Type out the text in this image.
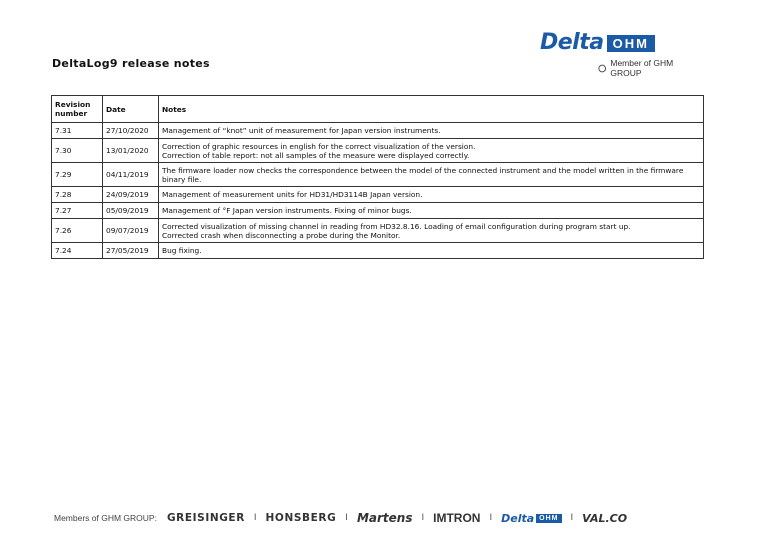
DeltaLog9 release notes
Delta OHM
Member of GHM GROUP
Revision number	Date	Notes
7.31	27/10/2020	Management of “knot” unit of measurement for Japan version instruments.

7.30	13/01/2020	Correction of graphic resources in english for the correct visualization of the version.
Correction of table report: not all samples of the measure were displayed correctly.

7.29	04/11/2019	The firmware loader now checks the correspondence between the model of the connected instrument and the model written in the firmware binary file.

7.28	24/09/2019	Management of measurement units for HD31/HD3114B Japan version.

7.27	05/09/2019	Management of °F Japan version instruments. Fixing of minor bugs.

7.26	09/07/2019	Corrected visualization of missing channel in reading from HD32.8.16. Loading of email configuration during program start up.
Corrected crash when disconnecting a probe during the Monitor.

7.24	27/05/2019	Bug fixing.
Members of GHM GROUP: GREISINGER I HONSBERG I Martens I IMTRON I Delta OHM	I VAL.CO
